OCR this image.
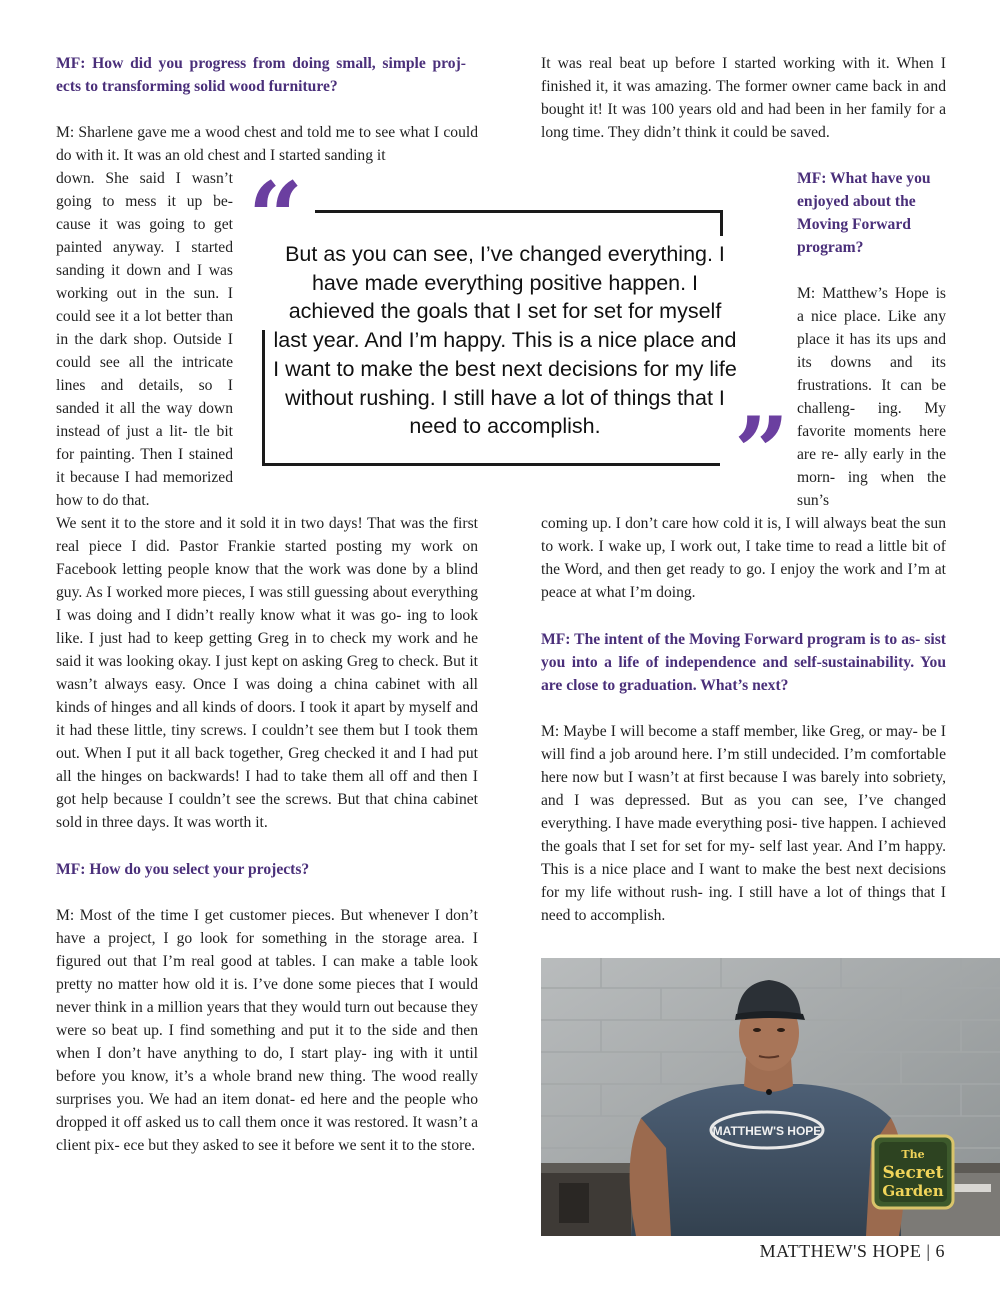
MF: How did you progress from doing small, simple proj- ects to transforming solid wood furniture?

M: Sharlene gave me a wood chest and told me to see what I could do with it. It was an old chest and I started sanding it

down. She said I wasn’t going to mess it up be- cause it was going to get painted anyway. I started sanding it down and I was working out in the sun. I could see it a lot better than in the dark shop. Outside I could see all the intricate lines and details, so I sanded it all the way down instead of just a lit- tle bit for painting. Then I stained it because I had memorized how to do that.

We sent it to the store and it sold it in two days! That was the first real piece I did. Pastor Frankie started posting my work on Facebook letting people know that the work was done by a blind guy. As I worked more pieces, I was still guessing about everything I was doing and I didn’t really know what it was go- ing to look like. I just had to keep getting Greg in to check my work and he said it was looking okay. I just kept on asking Greg to check. But it wasn’t always easy. Once I was doing a china cabinet with all kinds of hinges and all kinds of doors. I took it apart by myself and it had these little, tiny screws. I couldn’t see them but I took them out. When I put it all back together, Greg checked it and I had put all the hinges on backwards! I had to take them all off and then I got help because I couldn’t see the screws. But that china cabinet sold in three days. It was worth it.

MF: How do you select your projects?

M: Most of the time I get customer pieces. But whenever I don’t have a project, I go look for something in the storage area. I figured out that I’m real good at tables. I can make a table look pretty no matter how old it is. I’ve done some pieces that I would never think in a million years that they would turn out because they were so beat up. I find something and put it to the side and then when I don’t have anything to do, I start play- ing with it until before you know, it’s a whole brand new thing. The wood really surprises you. We had an item donat- ed here and the people who dropped it off asked us to call them once it was restored. It wasn’t a client pix- ece but they asked to see it before we sent it to the store.

It was real beat up before I started working with it. When I finished it, it was amazing. The former owner came back in and bought it! It was 100 years old and had been in her family for a long time. They didn’t think it could be saved.

MF: What have you enjoyed about the Moving Forward program?

M: Matthew’s Hope is a nice place. Like any place it has its ups and its downs and its frustrations. It can be challeng- ing. My favorite moments here are re- ally early in the morn- ing when the sun’s

coming up. I don’t care how cold it is, I will always beat the sun to work. I wake up, I work out, I take time to read a little bit of the Word, and then get ready to go. I enjoy the work and I’m at peace at what I’m doing.

MF: The intent of the Moving Forward program is to as- sist you into a life of independence and self-sustainability. You are close to graduation. What’s next?

M: Maybe I will become a staff member, like Greg, or may- be I will find a job around here. I’m still undecided. I’m comfortable here now but I wasn’t at first because I was barely into sobriety, and I was depressed. But as you can see, I’ve changed everything. I have made everything posi- tive happen. I achieved the goals that I set for set for my- self last year. And I’m happy. This is a nice place and I want to make the best next decisions for my life without rush- ing. I still have a lot of things that I need to accomplish.

“
But as you can see, I’ve changed everything. I have made everything positive happen. I achieved the goals that I set for set for myself last year. And I’m happy. This is a nice place and I want to make the best next decisions for my life without rushing. I still have a lot of things that I need to accomplish.	”
MATTHEW'S HOPE
The
Secret
Garden
MATTHEW'S HOPE | 6
